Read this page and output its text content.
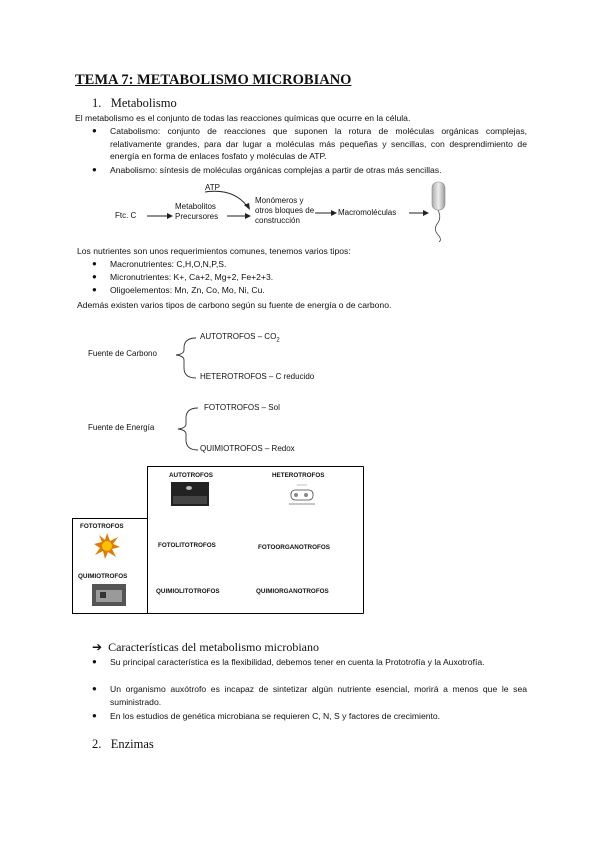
TEMA 7: METABOLISMO MICROBIANO
1. Metabolismo
El metabolismo es el conjunto de todas las reacciones químicas que ocurre en la célula.
● Catabolismo: conjunto de reacciones que suponen la rotura de moléculas orgánicas complejas, relativamente grandes, para dar lugar a moléculas más pequeñas y sencillas, con desprendimiento de energía en forma de enlaces fosfato y moléculas de ATP.
● Anabolismo: síntesis de moléculas orgánicas complejas a partir de otras más sencillas.
ATP
Ftc. C
Metabolitos
Precursores
Monómeros y
otros bloques de
construcción
Macromoléculas
Los nutrientes son unos requerimientos comunes, tenemos varios tipos:
● Macronutrientes: C,H,O,N,P,S.
● Micronutrientes: K+, Ca+2, Mg+2, Fe+2+3.
● Oligoelementos: Mn, Zn, Co, Mo, Ni, Cu.
Además existen varios tipos de carbono según su fuente de energía o de carbono.
Fuente de Carbono
AUTOTROFOS – $CO_2$
HETEROTROFOS – C reducido
Fuente de Energía
FOTOTROFOS – Sol
QUIMIOTROFOS – Redox
AUTOTROFOS	HETEROTROFOS
FOTOTROFOS
FOTOLITOTROFOS	FOTOORGANOTROFOS
QUIMIOTROFOS
QUIMIOLITOTROFOS	QUIMIORGANOTROFOS
➔ Características del metabolismo microbiano
● Su principal característica es la flexibilidad, debemos tener en cuenta la Prototrofía y la Auxotrofía.
● Un organismo auxótrofo es incapaz de sintetizar algún nutriente esencial, morirá a menos que le sea suministrado.
● En los estudios de genética microbiana se requieren C, N, S y factores de crecimiento.
2. Enzimas
